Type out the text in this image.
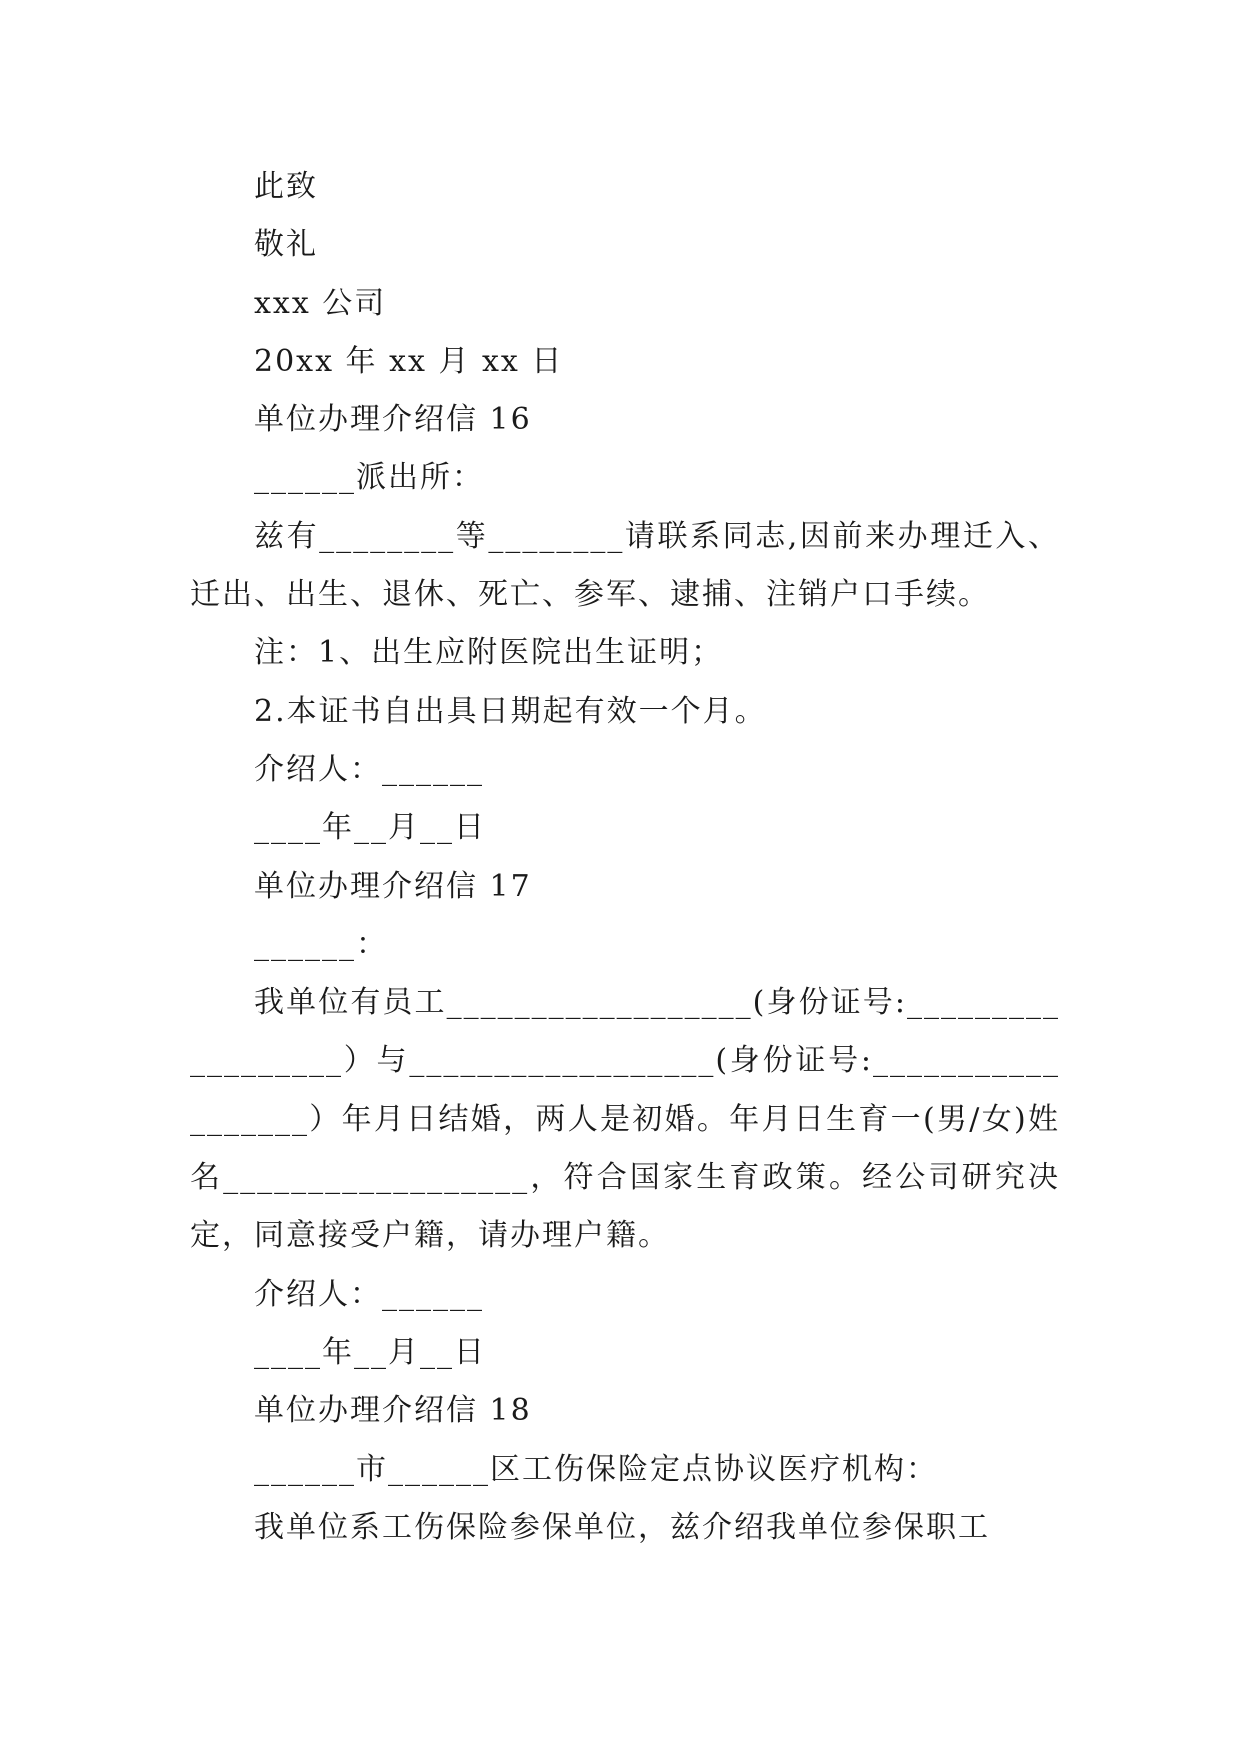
此致

敬礼

xxx 公司

20xx 年 xx 月 xx 日

单位办理介绍信 16

______派出所：

兹有________等________请联系同志,因前来办理迁入、迁出、出生、退休、死亡、参军、逮捕、注销户口手续。

注：1、出生应附医院出生证明；

2.本证书自出具日期起有效一个月。

介绍人：______

____年__月__日

单位办理介绍信 17

______：

我单位有员工__________________(身份证号:__________________）与__________________(身份证号:__________________）年月日结婚，两人是初婚。年月日生育一(男/女)姓名__________________，符合国家生育政策。经公司研究决定，同意接受户籍，请办理户籍。

介绍人：______

____年__月__日

单位办理介绍信 18

______市______区工伤保险定点协议医疗机构：

我单位系工伤保险参保单位，兹介绍我单位参保职工
